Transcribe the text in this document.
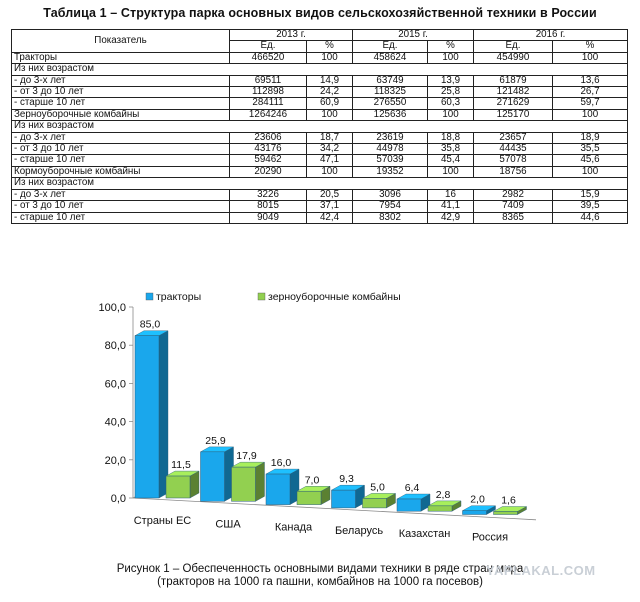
Таблица 1 – Структура парка основных видов сельскохозяйственной техники в России
Показатель	2013 г.		2015 г.		2016 г.	
	Ед.	%	Ед.	%	Ед.	%
Тракторы	466520	100	458624	100	454990	100
Из них возрастом						
- до 3-х лет	69511	14,9	63749	13,9	61879	13,6
- от 3 до 10 лет	112898	24,2	118325	25,8	121482	26,7
- старше 10 лет	284111	60,9	276550	60,3	271629	59,7
Зерноуборочные комбайны	1264246	100	125636	100	125170	100
Из них возрастом						
- до 3-х лет	23606	18,7	23619	18,8	23657	18,9
- от 3 до 10 лет	43176	34,2	44978	35,8	44435	35,5
- старше 10 лет	59462	47,1	57039	45,4	57078	45,6
Кормоуборочные комбайны	20290	100	19352	100	18756	100
Из них возрастом						
- до 3-х лет	3226	20,5	3096	16	2982	15,9
- от 3 до 10 лет	8015	37,1	7954	41,1	7409	39,5
- старше 10 лет	9049	42,4	8302	42,9	8365	44,6
тракторы	зерноуборочные комбайны
0,0
20,0
40,0
60,0
80,0
100,0
85,0
11,5
Страны ЕС
25,9
17,9
США
16,0
7,0
Канада
9,3
5,0
Беларусь
6,4
2,8
Казахстан
2,0 1,6
Россия
Рисунок 1 – Обеспеченность основными видами техники в ряде стран мира
(тракторов на 1000 га пашни, комбайнов на 1000 га посевов)
YAPLAKAL.COM
